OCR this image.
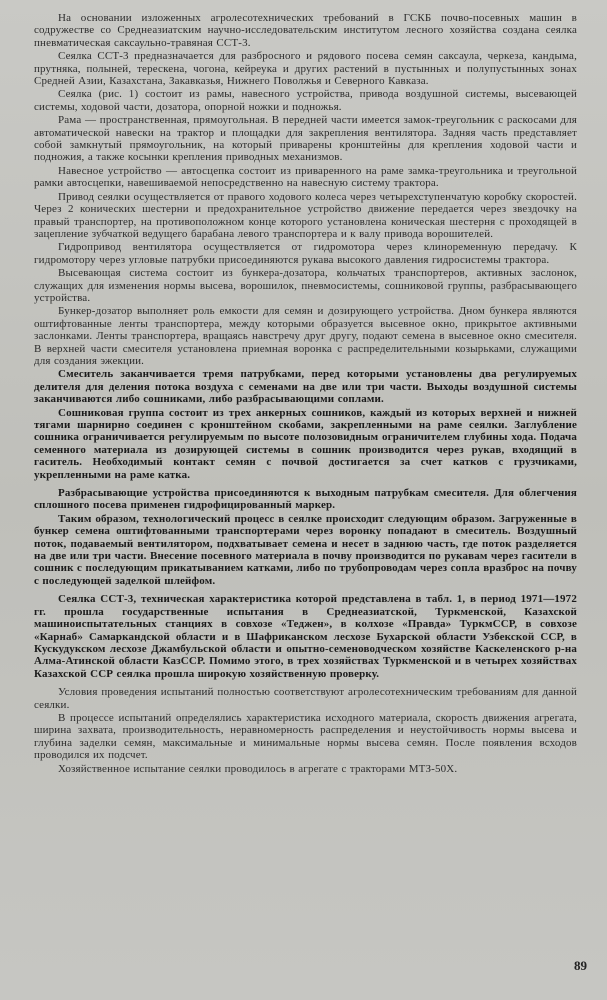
На основании изложенных агролесотехнических требований в ГСКБ почво-посевных машин в содружестве со Среднеазиатским научно-исследовательским институтом лесного хозяйства создана сеялка пневматическая саксаульно-травяная ССТ-3.

Сеялка ССТ-3 предназначается для разбросного и рядового посева семян саксаула, черкеза, кандыма, прутняка, полыней, терескена, чогона, кейреука и других растений в пустынных и полупустынных зонах Средней Азии, Казахстана, Закавказья, Нижнего Поволжья и Северного Кавказа.

Сеялка (рис. 1) состоит из рамы, навесного устройства, привода воздушной системы, высевающей системы, ходовой части, дозатора, опорной ножки и подножья.

Рама — пространственная, прямоугольная. В передней части имеется замок-треугольник с раскосами для автоматической навески на трактор и площадки для закрепления вентилятора. Задняя часть представляет собой замкнутый прямоугольник, на который приварены кронштейны для крепления ходовой части и подножия, а также косынки крепления приводных механизмов.

Навесное устройство — автосцепка состоит из приваренного на раме замка-треугольника и треугольной рамки автосцепки, навешиваемой непосредственно на навесную систему трактора.

Привод сеялки осуществляется от правого ходового колеса через четырехступенчатую коробку скоростей. Через 2 конических шестерни и предохранительное устройство движение передается через звездочку на правый транспортер, на противоположном конце которого установлена коническая шестерня с проходящей в зацепление зубчаткой ведущего барабана левого транспортера и к валу привода ворошителей.

Гидропривод вентилятора осуществляется от гидромотора через клиноременную передачу. К гидромотору через угловые патрубки присоединяются рукава высокого давления гидросистемы трактора.

Высевающая система состоит из бункера-дозатора, кольчатых транспортеров, активных заслонок, служащих для изменения нормы высева, ворошилок, пневмосистемы, сошниковой группы, разбрасывающего устройства.

Бункер-дозатор выполняет роль емкости для семян и дозирующего устройства. Дном бункера являются оштифтованные ленты транспортера, между которыми образуется высевное окно, прикрытое активными заслонками. Ленты транспортера, вращаясь навстречу друг другу, подают семена в высевное окно смесителя. В верхней части смесителя установлена приемная воронка с распределительными козырьками, служащими для создания эжекции.

Смеситель заканчивается тремя патрубками, перед которыми установлены два регулируемых делителя для деления потока воздуха с семенами на две или три части. Выходы воздушной системы заканчиваются либо сошниками, либо разбрасывающими соплами.

Сошниковая группа состоит из трех анкерных сошников, каждый из которых верхней и нижней тягами шарнирно соединен с кронштейном скобами, закрепленными на раме сеялки. Заглубление сошника ограничивается регулируемым по высоте полозовидным ограничителем глубины хода. Подача семенного материала из дозирующей системы в сошник производится через рукав, входящий в гаситель. Необходимый контакт семян с почвой достигается за счет катков с грузчиками, укрепленными на раме катка.

Разбрасывающие устройства присоединяются к выходным патрубкам смесителя. Для облегчения сплошного посева применен гидрофицированный маркер.

Таким образом, технологический процесс в сеялке происходит следующим образом. Загруженные в бункер семена оштифтованными транспортерами через воронку попадают в смеситель. Воздушный поток, подаваемый вентилятором, подхватывает семена и несет в заднюю часть, где поток разделяется на две или три части. Внесение посевного материала в почву производится по рукавам через гасители в сошник с последующим прикатыванием катками, либо по трубопроводам через сопла вразброс на почву с последующей заделкой шлейфом.

Сеялка ССТ-3, техническая характеристика которой представлена в табл. 1, в период 1971—1972 гг. прошла государственные испытания в Среднеазиатской, Туркменской, Казахской машиноиспытательных станциях в совхозе «Теджен», в колхозе «Правда» ТуркмССР, в совхозе «Карнаб» Самаркандской области и в Шафриканском лесхозе Бухарской области Узбекской ССР, в Кускудукском лесхозе Джамбульской области и опытно-семеноводческом хозяйстве Каскеленского р-на Алма-Атинской области КазССР. Помимо этого, в трех хозяйствах Туркменской и в четырех хозяйствах Казахской ССР сеялка прошла широкую хозяйственную проверку.

Условия проведения испытаний полностью соответствуют агролесотехническим требованиям для данной сеялки.

В процессе испытаний определялись характеристика исходного материала, скорость движения агрегата, ширина захвата, производительность, неравномерность распределения и неустойчивость нормы высева и глубина заделки семян, максимальные и минимальные нормы высева семян. После появления всходов проводился их подсчет.

Хозяйственное испытание сеялки проводилось в агрегате с тракторами МТЗ-50Х.

89
